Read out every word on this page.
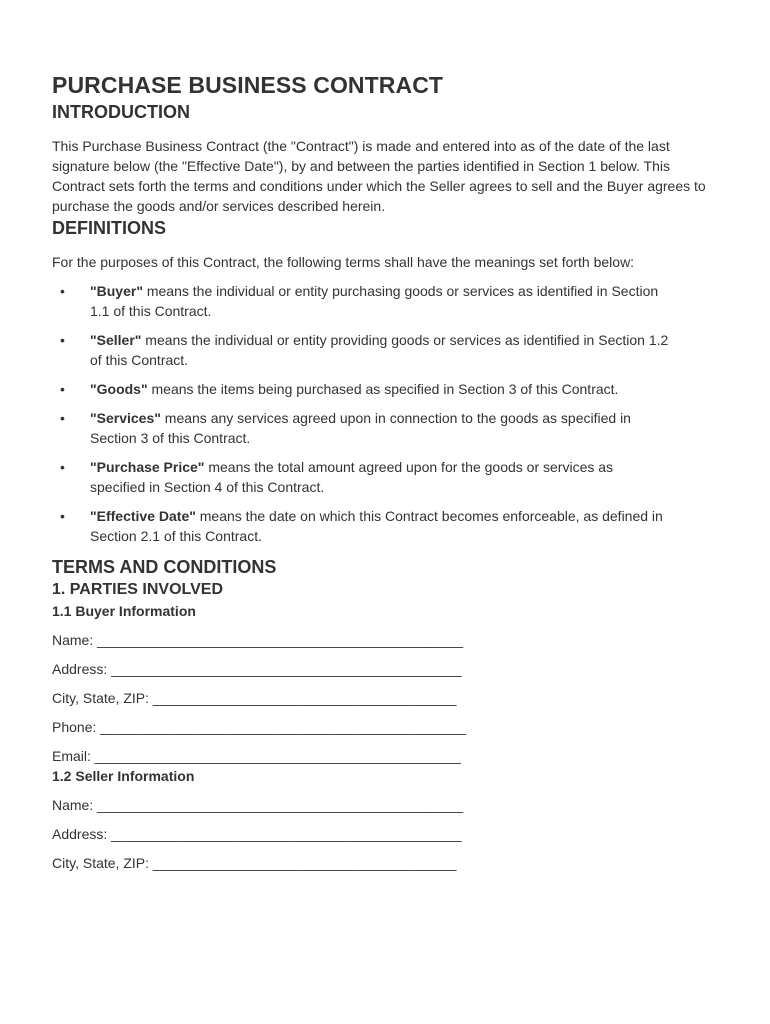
PURCHASE BUSINESS CONTRACT
INTRODUCTION

This Purchase Business Contract (the "Contract") is made and entered into as of the date of the last signature below (the "Effective Date"), by and between the parties identified in Section 1 below. This Contract sets forth the terms and conditions under which the Seller agrees to sell and the Buyer agrees to purchase the goods and/or services described herein.

DEFINITIONS

For the purposes of this Contract, the following terms shall have the meanings set forth below:

• "Buyer" means the individual or entity purchasing goods or services as identified in Section 1.1 of this Contract.
• "Seller" means the individual or entity providing goods or services as identified in Section 1.2 of this Contract.
• "Goods" means the items being purchased as specified in Section 3 of this Contract.
• "Services" means any services agreed upon in connection to the goods as specified in Section 3 of this Contract.
• "Purchase Price" means the total amount agreed upon for the goods or services as specified in Section 4 of this Contract.
• "Effective Date" means the date on which this Contract becomes enforceable, as defined in Section 2.1 of this Contract.
TERMS AND CONDITIONS
1. PARTIES INVOLVED
1.1 Buyer Information
Name: _______________________________________________
Address: _____________________________________________
City, State, ZIP: _______________________________________
Phone: _______________________________________________
Email: _______________________________________________
1.2 Seller Information
Name: _______________________________________________
Address: _____________________________________________
City, State, ZIP: _______________________________________
